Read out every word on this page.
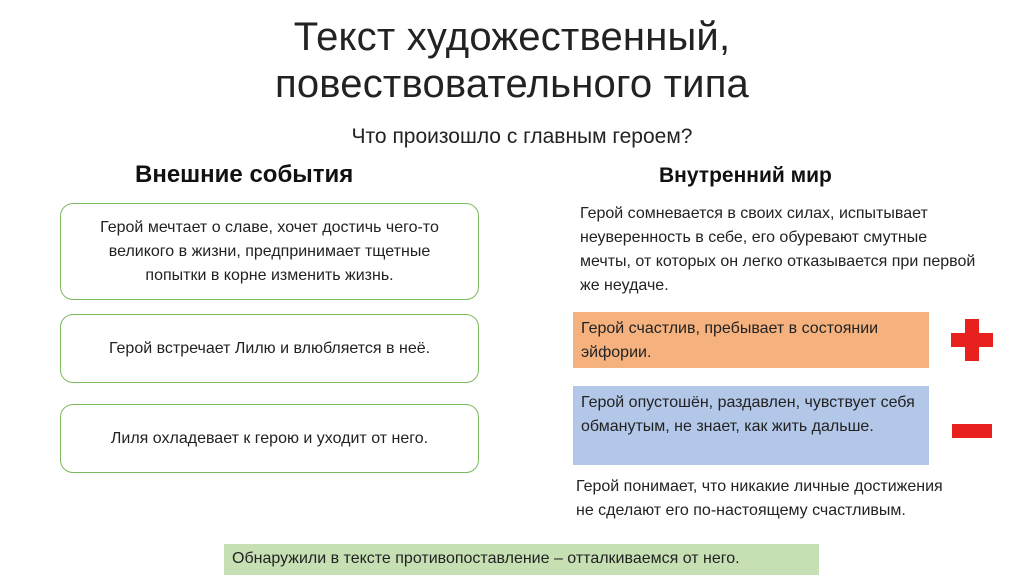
Текст художественный,
повествовательного типа
Что произошло с главным героем?
Внешние события	Внутренний мир
Герой мечтает о славе, хочет достичь чего-то великого в жизни, предпринимает тщетные попытки в корне изменить жизнь.
Герой встречает Лилю и влюбляется в неё.
Лиля охладевает к герою и уходит от него.
Герой сомневается в своих силах, испытывает неуверенность в себе, его обуревают смутные мечты, от которых он легко отказывается при первой же неудаче.
Герой счастлив, пребывает в состоянии эйфории.
Герой опустошён, раздавлен, чувствует себя обманутым, не знает, как жить дальше.
Герой понимает, что никакие личные достижения не сделают его по-настоящему счастливым.
Обнаружили в тексте противопоставление – отталкиваемся от него.
